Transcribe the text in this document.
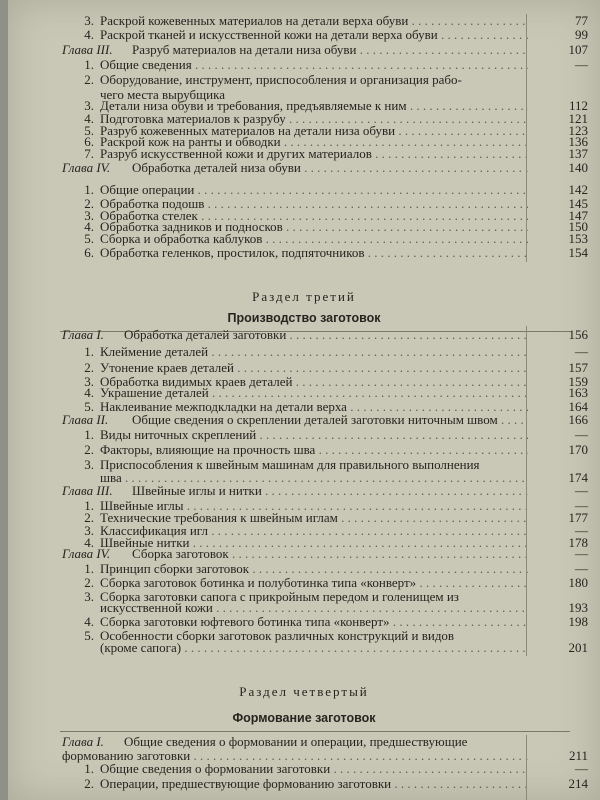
3. Раскрой кожевенных материалов на детали верха обуви . . .	77
4. Раскрой тканей и искусственной кожи на детали верха обуви . . .	99
Глава III. Разруб материалов на детали низа обуви . . .	107
1. Общие сведения . . .	—
2. Оборудование, инструмент, приспособления и организация рабо-
чего места вырубщика
3. Детали низа обуви и требования, предъявляемые к ним . . .	112
4. Подготовка материалов к разрубу . . .	121
5. Разруб кожевенных материалов на детали низа обуви . . .	123
6. Раскрой кож на ранты и обводки . . .	136
7. Разруб искусственной кожи и других материалов . . .	137
Глава IV. Обработка деталей низа обуви . . .	140
1. Общие операции . . .	142
2. Обработка подошв . . .	145
3. Обработка стелек . . .	147
4. Обработка задников и подносков . . .	150
5. Сборка и обработка каблуков . . .	153
6. Обработка геленков, простилок, подпяточников . . .	154
Раздел третий
Производство заготовок
Глава I. Обработка деталей заготовки . . .	156
1. Клеймение деталей . . .	—
2. Утонение краев деталей . . .	157
3. Обработка видимых краев деталей . . .	159
4. Украшение деталей . . .	163
5. Наклеивание межподкладки на детали верха . . .	164
Глава II. Общие сведения о скреплении деталей заготовки ниточным швом . . .	166
1. Виды ниточных скреплений . . .	—
2. Факторы, влияющие на прочность шва . . .	170
3. Приспособления к швейным машинам для правильного выполнения
шва . . .	174
Глава III. Швейные иглы и нитки . . .	—
1. Швейные иглы . . .	—
2. Технические требования к швейным иглам . . .	177
3. Классификация игл . . .	—
4. Швейные нитки . . .	178
Глава IV. Сборка заготовок . . .	—
1. Принцип сборки заготовок . . .	—
2. Сборка заготовок ботинка и полуботинка типа «конверт» . . .	180
3. Сборка заготовки сапога с прикройным передом и голенищем из
искусственной кожи . . .	193
4. Сборка заготовки юфтевого ботинка типа «конверт» . . .	198
5. Особенности сборки заготовок различных конструкций и видов
(кроме сапога) . . .	201
Раздел четвертый
Формование заготовок
Глава I. Общие сведения о формовании и операции, предшествующие
формованию заготовки . . .	211
1. Общие сведения о формовании заготовки . . .	—
2. Операции, предшествующие формованию заготовки . . .	214
